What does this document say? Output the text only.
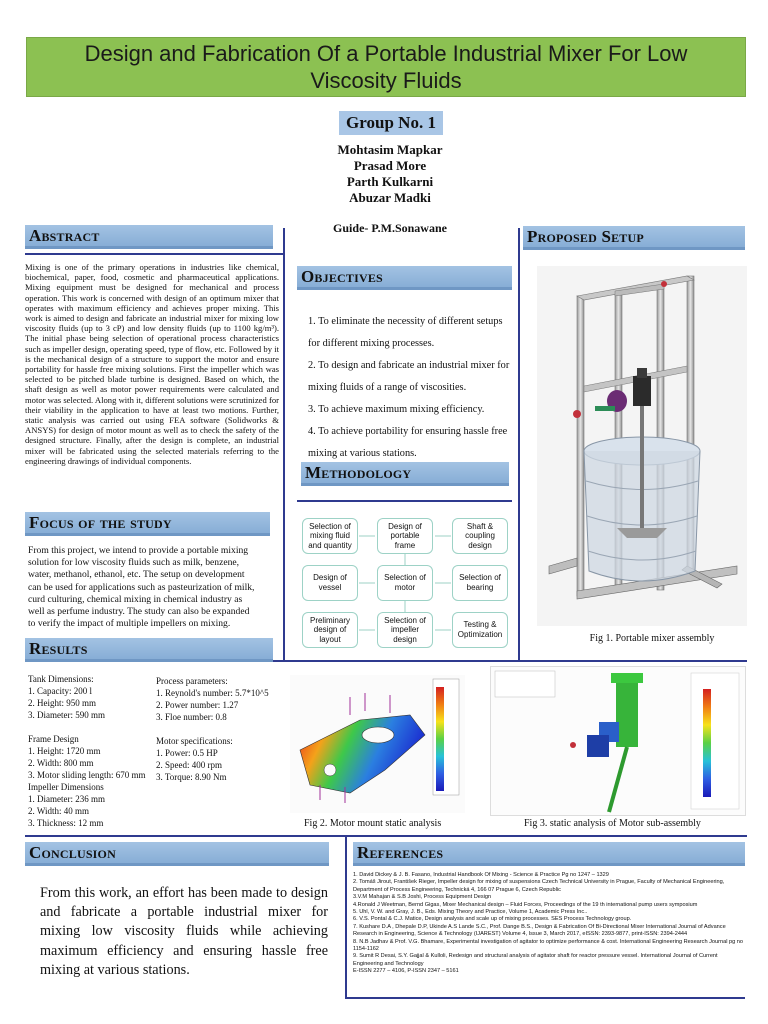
Design and Fabrication Of a Portable Industrial Mixer For Low Viscosity Fluids
Group No. 1
Mohtasim Mapkar
Prasad More
Parth Kulkarni
Abuzar Madki
Guide- P.M.Sonawane
Abstract

Mixing is one of the primary operations in industries like chemical, biochemical, paper, food, cosmetic and pharmaceutical applications. Mixing equipment must be designed for mechanical and process operation. This work is concerned with design of an optimum mixer that operates with maximum efficiency and achieves proper mixing. This work is aimed to design and fabricate an industrial mixer for mixing low viscosity fluids (up to 3 cP) and low density fluids (up to 1100 kg/m³). The initial phase being selection of operational process characteristics such as impeller design, operating speed, type of flow, etc. Followed by it is the mechanical design of a structure to support the motor and ensure portability for hassle free mixing solutions. First the impeller which was selected to be pitched blade turbine is designed. Based on which, the shaft design as well as motor power requirements were calculated and motor was selected. Along with it, different solutions were scrutinized for their viability in the application to have at least two motions. Further, static analysis was carried out using FEA software (Solidworks & ANSYS) for design of motor mount as well as to check the safety of the designed structure. Finally, after the design is complete, an industrial mixer will be fabricated using the selected materials referring to the engineering drawings of individual components.

Focus of the study

From this project, we intend to provide a portable mixing solution for low viscosity fluids such as milk, benzene, water, methanol, ethanol, etc. The setup on development can be used for applications such as pasteurization of milk, curd culturing, chemical mixing in chemical industry as well as perfume industry. The study can also be expanded to verify the impact of multiple impellers on mixing.

Objectives
1. To eliminate the necessity of different setups for different mixing processes.
2. To design and fabricate an industrial mixer for mixing fluids of a range of viscosities.
3. To achieve maximum mixing efficiency.
4. To achieve portability for ensuring hassle free mixing at various stations.
Methodology
Selection of mixing fluid and quantity
Design of portable frame
Shaft & coupling design
Design of vessel
Selection of motor
Selection of bearing
Preliminary design of layout
Selection of impeller design
Testing & Optimization
Proposed Setup
Fig 1. Portable mixer assembly
Results

Tank Dimensions:

1. Capacity: 200 l

2. Height: 950 mm

3. Diameter: 590 mm

Frame Design

1. Height: 1720 mm

2. Width: 800 mm

3. Motor sliding length: 670 mm

Impeller Dimensions

1. Diameter: 236 mm

2. Width: 40 mm

3. Thickness: 12 mm

Process parameters:

1. Reynold's number: 5.7*10^5

2. Power number: 1.27

3. Floe number: 0.8

Motor specifications:

1. Power: 0.5 HP

2. Speed: 400 rpm

3. Torque: 8.90 Nm

Fig 2. Motor mount static analysis	Fig 3. static analysis of Motor sub-assembly
Conclusion

From this work, an effort has been made to design and fabricate a portable industrial mixer for mixing low viscosity fluids while achieving maximum efficiency and ensuring hassle free mixing at various stations.

References

1. David Dickey & J. B. Fasano, Industrial Handbook Of Mixing - Science & Practice Pg no 1247 – 1329

2. Tomáš Jirout, František Rieger, Impeller design for mixing of suspensions Czech Technical University in Prague, Faculty of Mechanical Engineering, Department of Process Engineering, Technická 4, 166 07 Prague 6, Czech Republic

3.V.M Mahajan & S.B Joshi, Process Equipment Design

4.Ronald J Weetman, Bernd Gigas, Mixer Mechanical design – Fluid Forces, Proceedings of the 19 th international pump users symposium

5. Uhl, V. W. and Gray, J. B., Eds. Mixing Theory and Practice, Volume 1, Academic Press Inc..

6. V.S. Pontal & C.J. Matice, Design analysis and scale up of mixing processes. SES Process Technology group.

7. Kushare D.A , Dhepale D.P, Ukinde A.S Lande S.C., Prof. Dange B.S., Design & Fabrication Of Bi-Directional Mixer International Journal of Advance Research in Engineering, Science & Technology (IJAREST) Volume 4, Issue 3, March 2017, eISSN: 2393-9877, print-ISSN: 2394-2444

8. N.B Jadhav & Prof. V.G. Bhamare, Experimental investigation of agitator to optimize performance & cost. International Engineering Research Journal pg no 1154-1162

9. Sumit R Desai, S.Y. Gajjal & Kulloli, Redesign and structural analysis of agitator shaft for reactor pressure vessel. International Journal of Current Engineering and Technology

E-ISSN 2277 – 4106, P-ISSN 2347 – 5161
